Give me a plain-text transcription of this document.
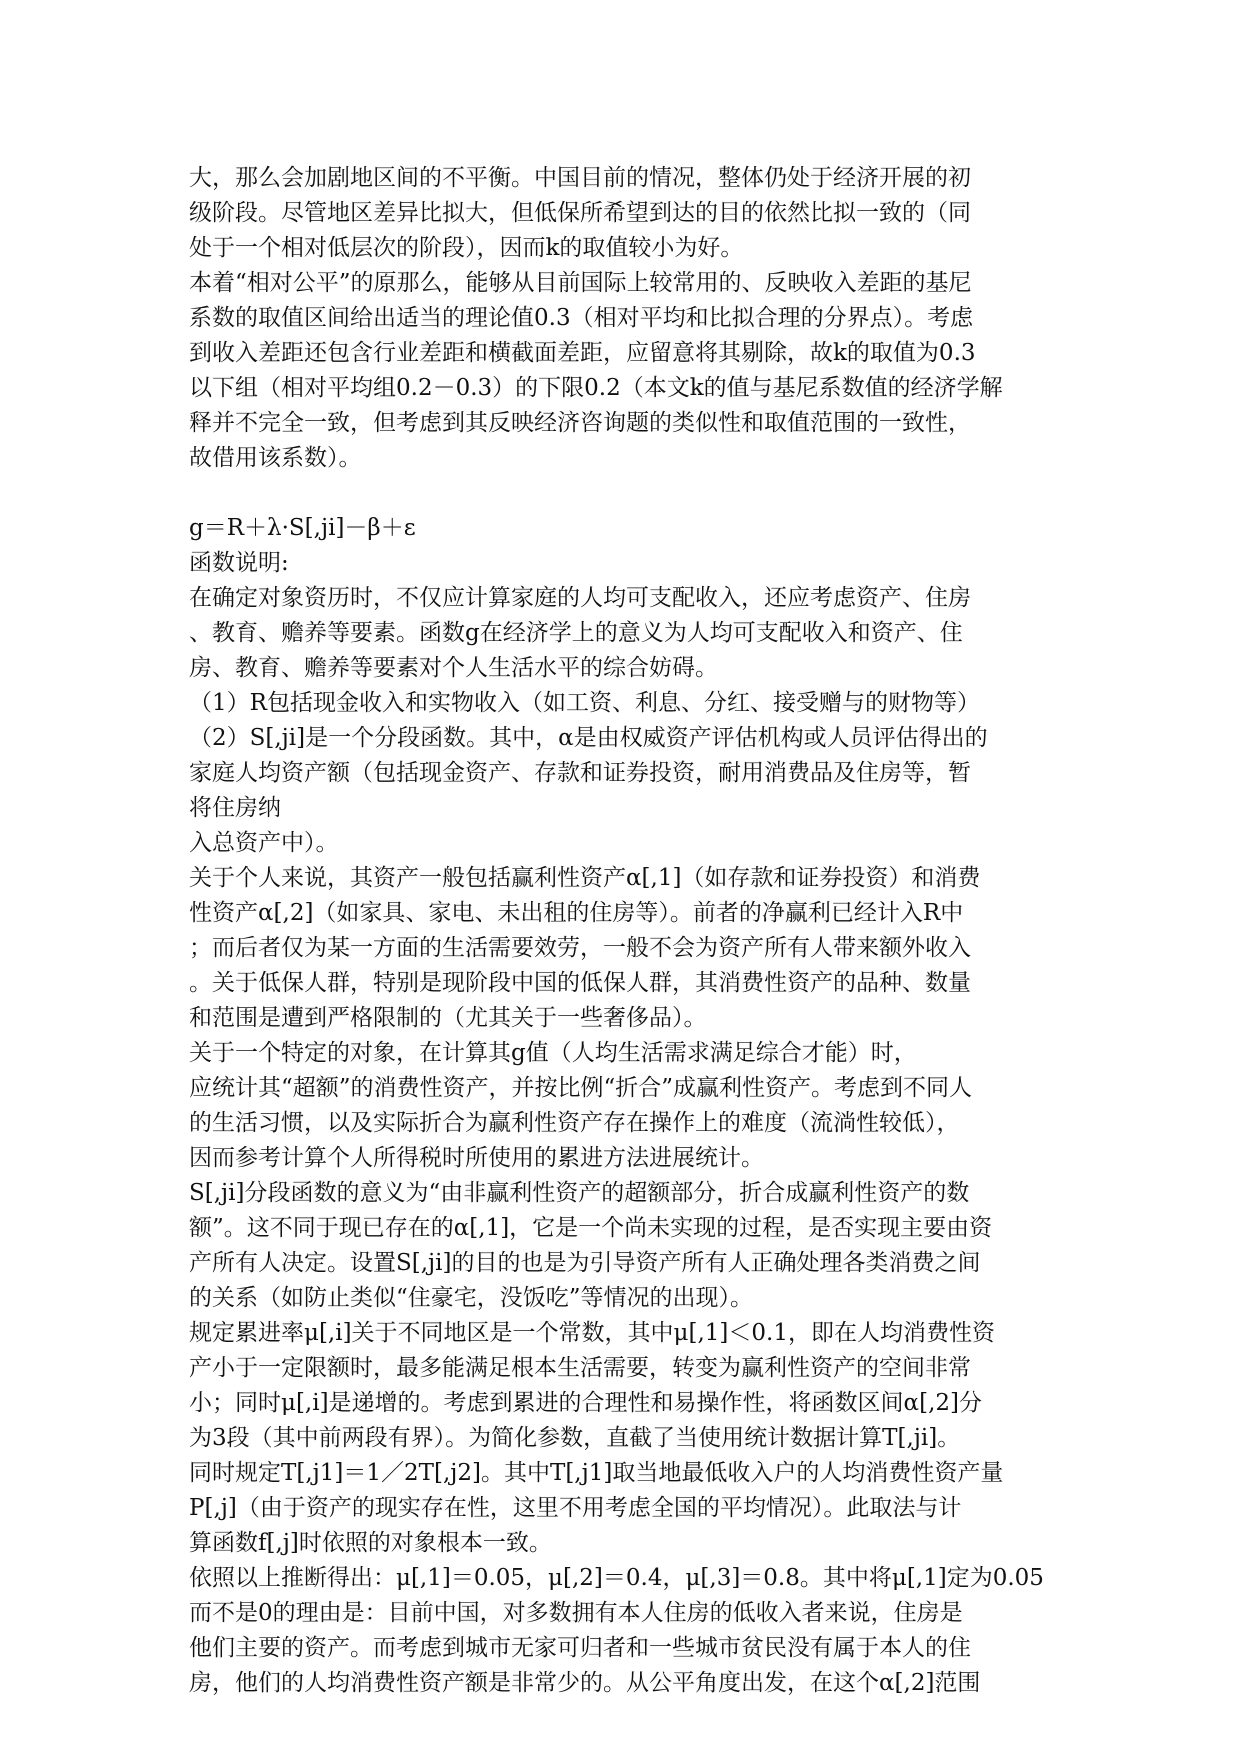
大，那么会加剧地区间的不平衡。中国目前的情况，整体仍处于经济开展的初
级阶段。尽管地区差异比拟大，但低保所希望到达的目的依然比拟一致的（同
处于一个相对低层次的阶段），因而k的取值较小为好。
本着“相对公平”的原那么，能够从目前国际上较常用的、反映收入差距的基尼
系数的取值区间给出适当的理论值0.3（相对平均和比拟合理的分界点）。考虑
到收入差距还包含行业差距和横截面差距，应留意将其剔除，故k的取值为0.3
以下组（相对平均组0.2－0.3）的下限0.2（本文k的值与基尼系数值的经济学解
释并不完全一致，但考虑到其反映经济咨询题的类似性和取值范围的一致性，
故借用该系数）。
g＝R＋λ·S[,ji]－β＋ε
函数说明:
在确定对象资历时，不仅应计算家庭的人均可支配收入，还应考虑资产、住房
、教育、赡养等要素。函数g在经济学上的意义为人均可支配收入和资产、住
房、教育、赡养等要素对个人生活水平的综合妨碍。
（1）R包括现金收入和实物收入（如工资、利息、分红、接受赠与的财物等）
（2）S[,ji]是一个分段函数。其中，α是由权威资产评估机构或人员评估得出的
家庭人均资产额（包括现金资产、存款和证券投资，耐用消费品及住房等，暂
将住房纳
入总资产中）。
关于个人来说，其资产一般包括赢利性资产α[,1]（如存款和证券投资）和消费
性资产α[,2]（如家具、家电、未出租的住房等）。前者的净赢利已经计入R中
；而后者仅为某一方面的生活需要效劳，一般不会为资产所有人带来额外收入
。关于低保人群，特别是现阶段中国的低保人群，其消费性资产的品种、数量
和范围是遭到严格限制的（尤其关于一些奢侈品）。
关于一个特定的对象，在计算其g值（人均生活需求满足综合才能）时，
应统计其“超额”的消费性资产，并按比例“折合”成赢利性资产。考虑到不同人
的生活习惯，以及实际折合为赢利性资产存在操作上的难度（流淌性较低），
因而参考计算个人所得税时所使用的累进方法进展统计。
S[,ji]分段函数的意义为“由非赢利性资产的超额部分，折合成赢利性资产的数
额”。这不同于现已存在的α[,1]，它是一个尚未实现的过程，是否实现主要由资
产所有人决定。设置S[,ji]的目的也是为引导资产所有人正确处理各类消费之间
的关系（如防止类似“住豪宅，没饭吃”等情况的出现）。
规定累进率μ[,i]关于不同地区是一个常数，其中μ[,1]＜0.1，即在人均消费性资
产小于一定限额时，最多能满足根本生活需要，转变为赢利性资产的空间非常
小；同时μ[,i]是递增的。考虑到累进的合理性和易操作性，将函数区间α[,2]分
为3段（其中前两段有界）。为简化参数，直截了当使用统计数据计算T[,ji]。
同时规定T[,j1]＝1／2T[,j2]。其中T[,j1]取当地最低收入户的人均消费性资产量
P[,j]（由于资产的现实存在性，这里不用考虑全国的平均情况）。此取法与计
算函数f[,j]时依照的对象根本一致。
依照以上推断得出：μ[,1]＝0.05，μ[,2]＝0.4，μ[,3]＝0.8。其中将μ[,1]定为0.05
而不是0的理由是：目前中国，对多数拥有本人住房的低收入者来说，住房是
他们主要的资产。而考虑到城市无家可归者和一些城市贫民没有属于本人的住
房，他们的人均消费性资产额是非常少的。从公平角度出发，在这个α[,2]范围
